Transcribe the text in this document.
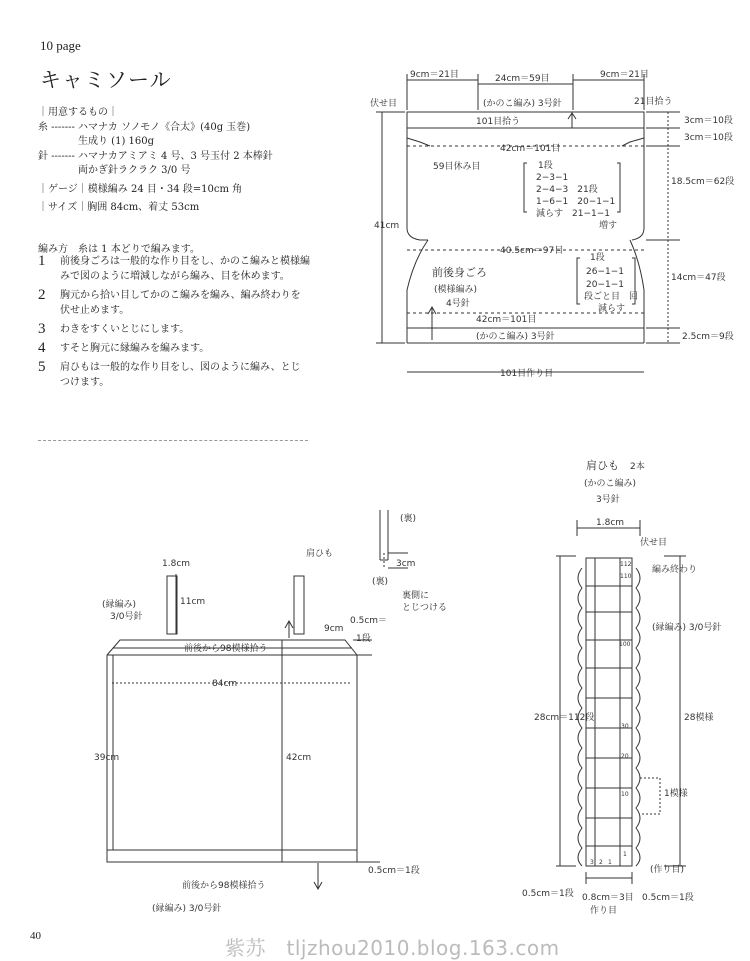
10 page
キャミソール
｜用意するもの｜
糸 ------- ハマナカ ソノモノ《合太》(40g 玉巻)
　　　　生成り (1) 160g
針 ------- ハマナカアミアミ 4 号、3 号玉付 2 本棒針
　　　　両かぎ針ラクラク 3/0 号
｜ゲージ｜模様編み 24 目・34 段=10cm 角
｜サイズ｜胸囲 84cm、着丈 53cm
編み方　糸は 1 本どりで編みます。
1	前後身ごろは一般的な作り目をし、かのこ編みと模様編みで図のように増減しながら編み、目を休めます。
2	胸元から拾い目してかのこ編みを編み、編み終わりを伏せ止めます。
3	わきをすくいとじにします。
4	すそと胸元に縁編みを編みます。
5	肩ひもは一般的な作り目をし、図のように編み、とじつけます。
9cm＝21目	24cm＝59目	9cm＝21目
伏せ目	(かのこ編み) 3号針
101目拾う
21目拾う
3cm＝10段
3cm＝10段
42cm＝101目
59目休み目	1段
2−3−1
2−4−3　21段
1−6−1　20−1−1
減らす　21−1−1
増す
18.5cm＝62段
41cm
40.5cm＝97目
前後身ごろ
(模様編み)
4号針
1段
26−1−1
20−1−1
段ごと目　回
減らす
14cm＝47段
42cm＝101目
(かのこ編み) 3号針	2.5cm＝9段
101目作り目
1.8cm
肩ひも
11cm
(縁編み)
3/0号針
9cm
0.5cm＝
1段
前後から98模様拾う
84cm
39cm	42cm
0.5cm＝1段
前後から98模様拾う
(縁編み) 3/0号針
(裏)
3cm
(裏)
裏側に
とじつける
肩ひも 2本
(かのこ編み)
3号針
1.8cm
伏せ目
編み終わり
(縁編み) 3/0号針
28cm＝112段	28模様
1模様
(作り目)
0.5cm＝1段 0.8cm＝3目
作り目
0.5cm＝1段
112
110
100
30
20
10
1
3 2 1
40	紫苏　tljzhou2010.blog.163.com
